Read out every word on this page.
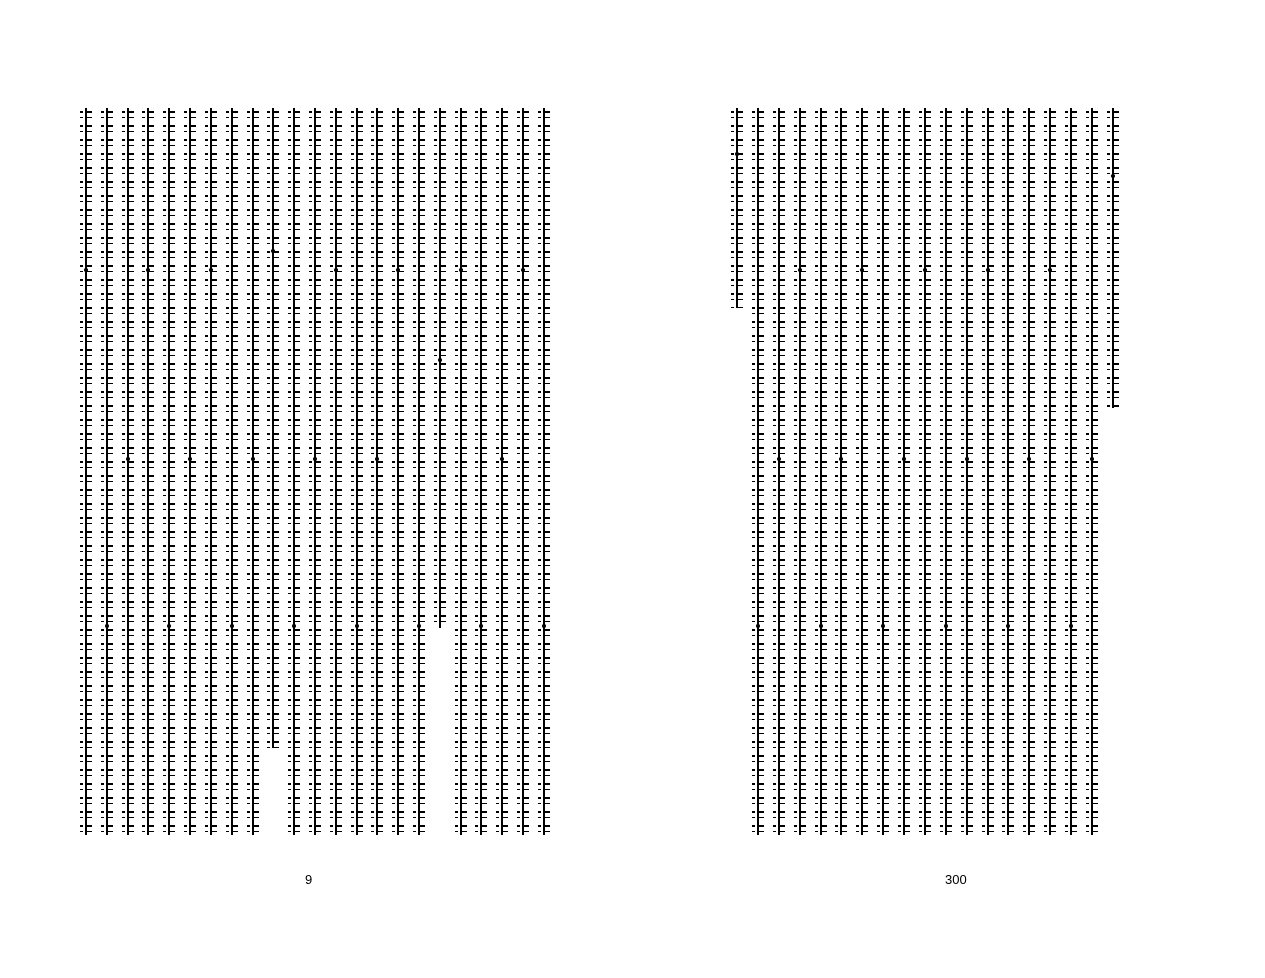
9	300
